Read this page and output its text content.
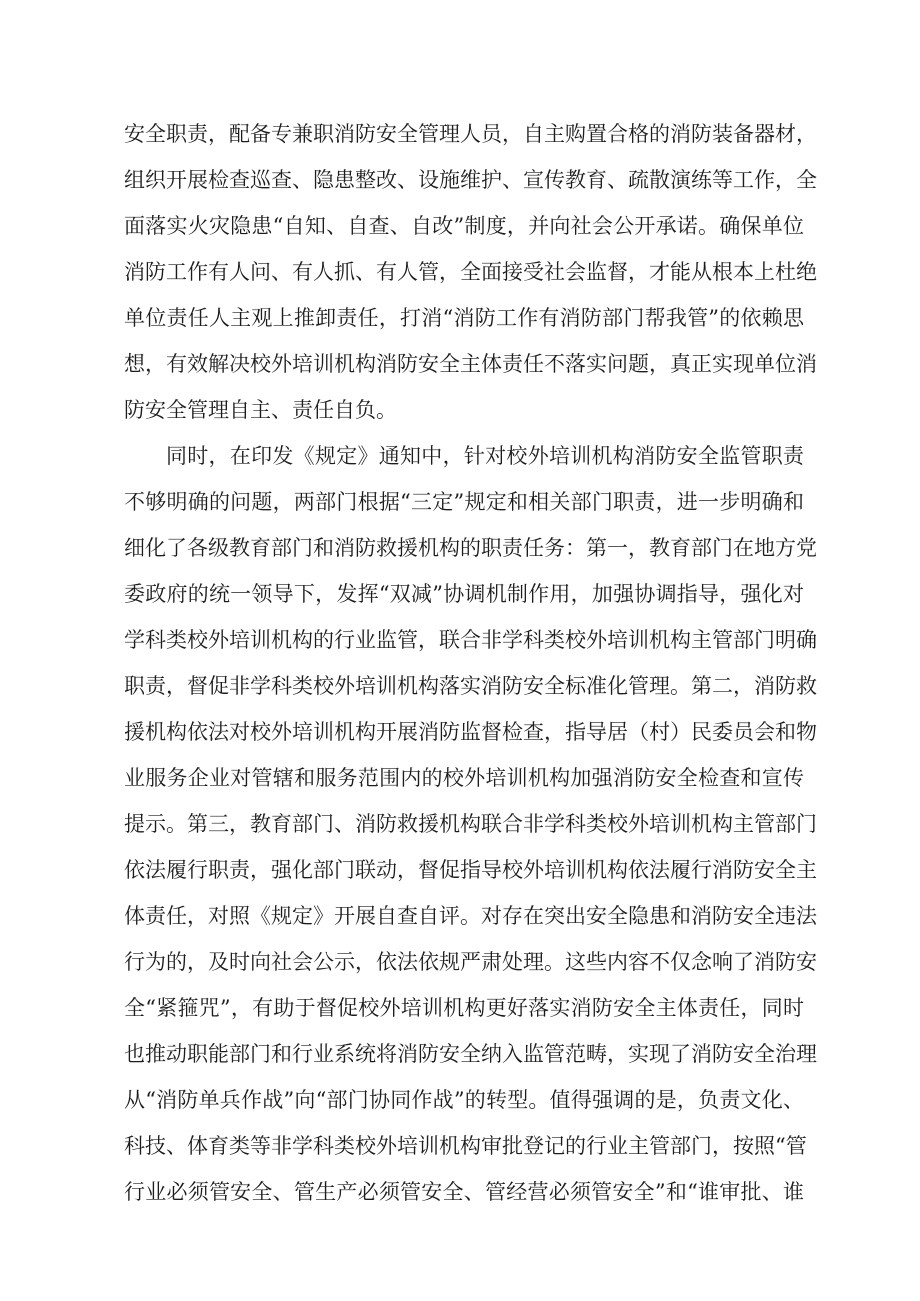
安全职责，配备专兼职消防安全管理人员，自主购置合格的消防装备器材，
组织开展检查巡查、隐患整改、设施维护、宣传教育、疏散演练等工作，全
面落实火灾隐患“自知、自查、自改”制度，并向社会公开承诺。确保单位
消防工作有人问、有人抓、有人管，全面接受社会监督，才能从根本上杜绝
单位责任人主观上推卸责任，打消“消防工作有消防部门帮我管”的依赖思
想，有效解决校外培训机构消防安全主体责任不落实问题，真正实现单位消
防安全管理自主、责任自负。
同时，在印发《规定》通知中，针对校外培训机构消防安全监管职责
不够明确的问题，两部门根据“三定”规定和相关部门职责，进一步明确和
细化了各级教育部门和消防救援机构的职责任务：第一，教育部门在地方党
委政府的统一领导下，发挥“双减”协调机制作用，加强协调指导，强化对
学科类校外培训机构的行业监管，联合非学科类校外培训机构主管部门明确
职责，督促非学科类校外培训机构落实消防安全标准化管理。第二，消防救
援机构依法对校外培训机构开展消防监督检查，指导居（村）民委员会和物
业服务企业对管辖和服务范围内的校外培训机构加强消防安全检查和宣传
提示。第三，教育部门、消防救援机构联合非学科类校外培训机构主管部门
依法履行职责，强化部门联动，督促指导校外培训机构依法履行消防安全主
体责任，对照《规定》开展自查自评。对存在突出安全隐患和消防安全违法
行为的，及时向社会公示，依法依规严肃处理。这些内容不仅念响了消防安
全“紧箍咒”，有助于督促校外培训机构更好落实消防安全主体责任，同时
也推动职能部门和行业系统将消防安全纳入监管范畴，实现了消防安全治理
从“消防单兵作战”向“部门协同作战”的转型。值得强调的是，负责文化、
科技、体育类等非学科类校外培训机构审批登记的行业主管部门，按照“管
行业必须管安全、管生产必须管安全、管经营必须管安全”和“谁审批、谁
